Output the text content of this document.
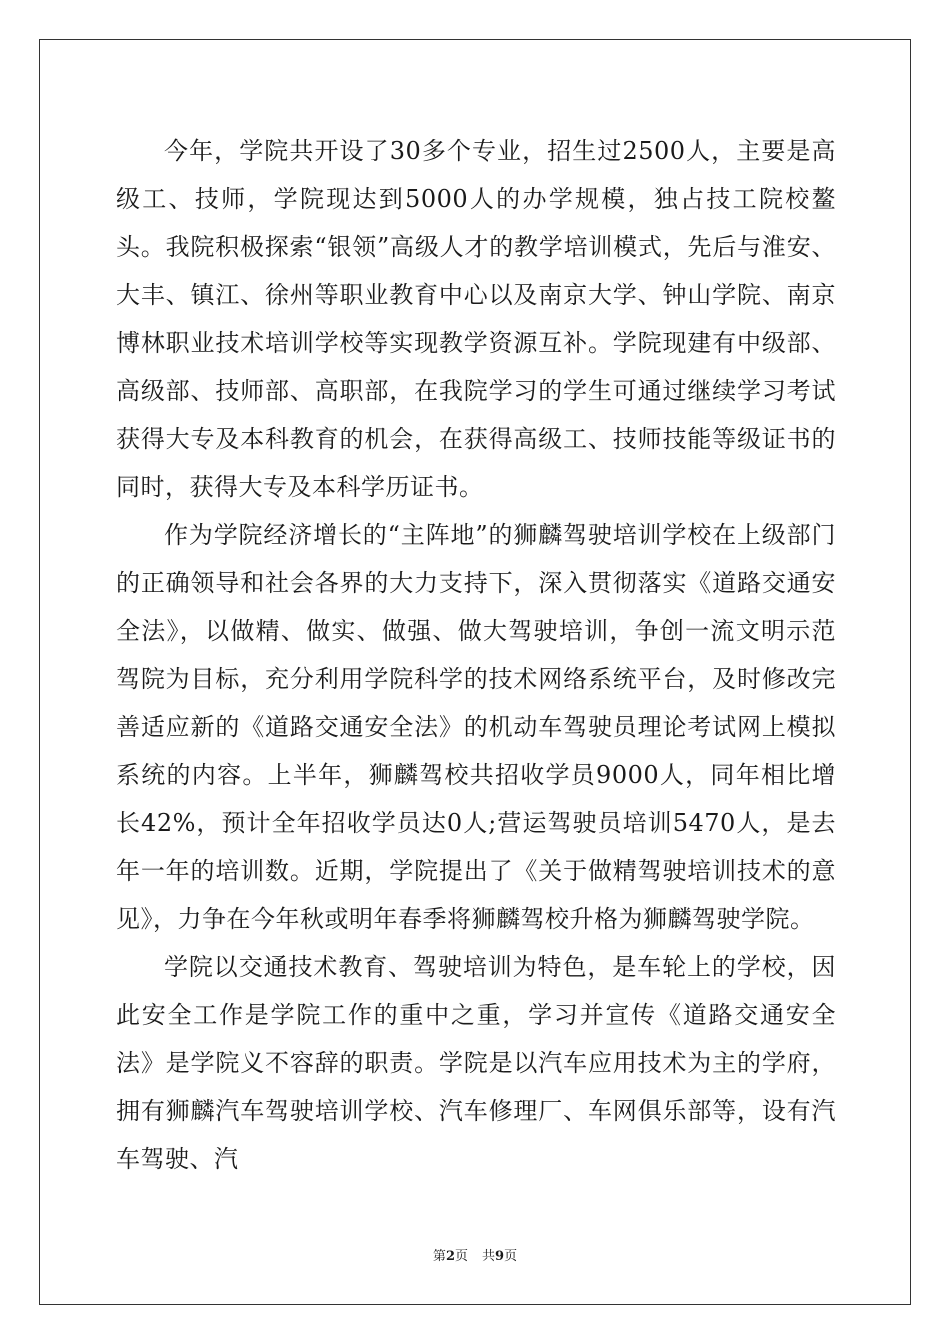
今年，学院共开设了30多个专业，招生过2500人，主要是高级工、技师，学院现达到5000人的办学规模，独占技工院校鳌头。我院积极探索“银领”高级人才的教学培训模式，先后与淮安、大丰、镇江、徐州等职业教育中心以及南京大学、钟山学院、南京博林职业技术培训学校等实现教学资源互补。学院现建有中级部、高级部、技师部、高职部，在我院学习的学生可通过继续学习考试获得大专及本科教育的机会，在获得高级工、技师技能等级证书的同时，获得大专及本科学历证书。

作为学院经济增长的“主阵地”的狮麟驾驶培训学校在上级部门的正确领导和社会各界的大力支持下，深入贯彻落实《道路交通安全法》，以做精、做实、做强、做大驾驶培训，争创一流文明示范驾院为目标，充分利用学院科学的技术网络系统平台，及时修改完善适应新的《道路交通安全法》的机动车驾驶员理论考试网上模拟系统的内容。上半年，狮麟驾校共招收学员9000人，同年相比增长42%，预计全年招收学员达0人;营运驾驶员培训5470人，是去年一年的培训数。近期，学院提出了《关于做精驾驶培训技术的意见》，力争在今年秋或明年春季将狮麟驾校升格为狮麟驾驶学院。

学院以交通技术教育、驾驶培训为特色，是车轮上的学校，因此安全工作是学院工作的重中之重，学习并宣传《道路交通安全法》是学院义不容辞的职责。学院是以汽车应用技术为主的学府，拥有狮麟汽车驾驶培训学校、汽车修理厂、车网俱乐部等，设有汽车驾驶、汽

第2页 共9页
